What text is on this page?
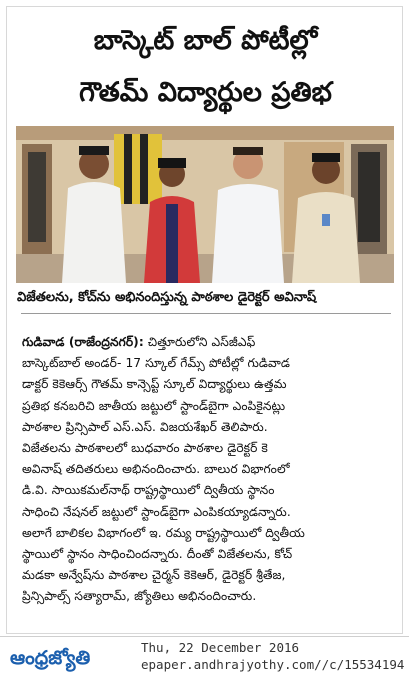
బాస్కెట్ బాల్ పోటీల్లో
గౌతమ్ విద్యార్థుల ప్రతిభ
విజేతలను, కోచ్‌ను అభినందిస్తున్న పాఠశాల డైరెక్టర్ అవినాష్
గుడివాడ (రాజేంద్రనగర్): చిత్తూరులోని ఎస్‌జీఎఫ్
బాస్కెట్‌బాల్ అండర్- 17 స్కూల్ గేమ్స్ పోటీల్లో గుడివాడ
డాక్టర్ కెకెఆర్స్ గౌతమ్ కాన్సెప్ట్ స్కూల్ విద్యార్థులు ఉత్తమ
ప్రతిభ కనబరిచి జాతీయ జట్టులో స్టాండ్‌బైగా ఎంపికైనట్లు
పాఠశాల ప్రిన్సిపాల్ ఎస్.ఎస్. విజయశేఖర్ తెలిపారు.
విజేతలను పాఠశాలలో బుధవారం పాఠశాల డైరెక్టర్ కె
అవినాష్ తదితరులు అభినందించారు. బాలుర విభాగంలో
డి.వి. సాయికమల్‌నాథ్ రాష్ట్రస్థాయిలో ద్వితీయ స్థానం
సాధించి నేషనల్ జట్టులో స్టాండ్‌బైగా ఎంపికయ్యాడన్నారు.
అలాగే బాలికల విభాగంలో ఇ. రమ్య రాష్ట్రస్థాయిలో ద్వితీయ
స్థాయిలో స్థానం సాధించిందన్నారు. దీంతో విజేతలను, కోచ్
మడకా అన్వేష్‌ను పాఠశాల చైర్మన్ కెకెఆర్, డైరెక్టర్ శ్రీతేజ,
ప్రిన్సిపాల్స్ సత్యారామ్, జ్యోతిలు అభినందించారు.
ఆంధ్రజ్యోతి	Thu, 22 December 2016
epaper.andhrajyothy.com//c/15534194
